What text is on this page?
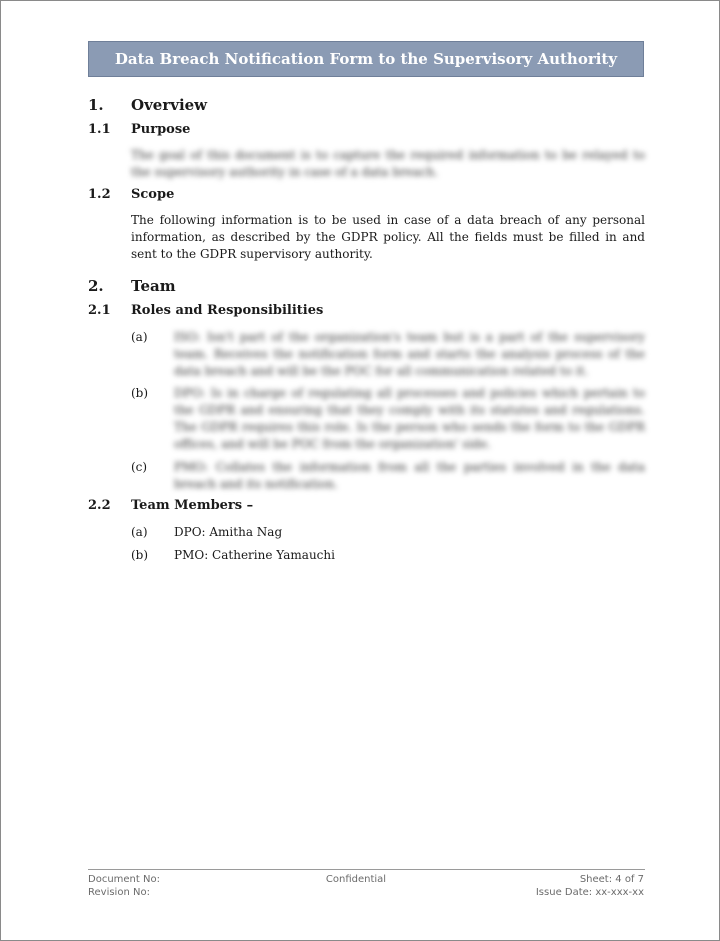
Data Breach Notification Form to the Supervisory Authority
1. Overview
1.1 Purpose
The goal of this document is to capture the required information to be relayed to the supervisory authority in case of a data breach.
1.2 Scope
The following information is to be used in case of a data breach of any personal information, as described by the GDPR policy. All the fields must be filled in and sent to the GDPR supervisory authority.
2. Team
2.1 Roles and Responsibilities
(a) ISO: Isn't part of the organization's team but is a part of the supervisory team. Receives the notification form and starts the analysis process of the data breach and will be the POC for all communication related to it.
(b) DPO: Is in charge of regulating all processes and policies which pertain to the GDPR and ensuring that they comply with its statutes and regulations. The GDPR requires this role. Is the person who sends the form to the GDPR offices, and will be POC from the organization' side.
(c) PMO: Collates the information from all the parties involved in the data breach and its notification.
2.2 Team Members –
(a) DPO: Amitha Nag
(b) PMO: Catherine Yamauchi
Document No:
Revision No:
Confidential	Sheet: 4 of 7
Issue Date: xx-xxx-xx
